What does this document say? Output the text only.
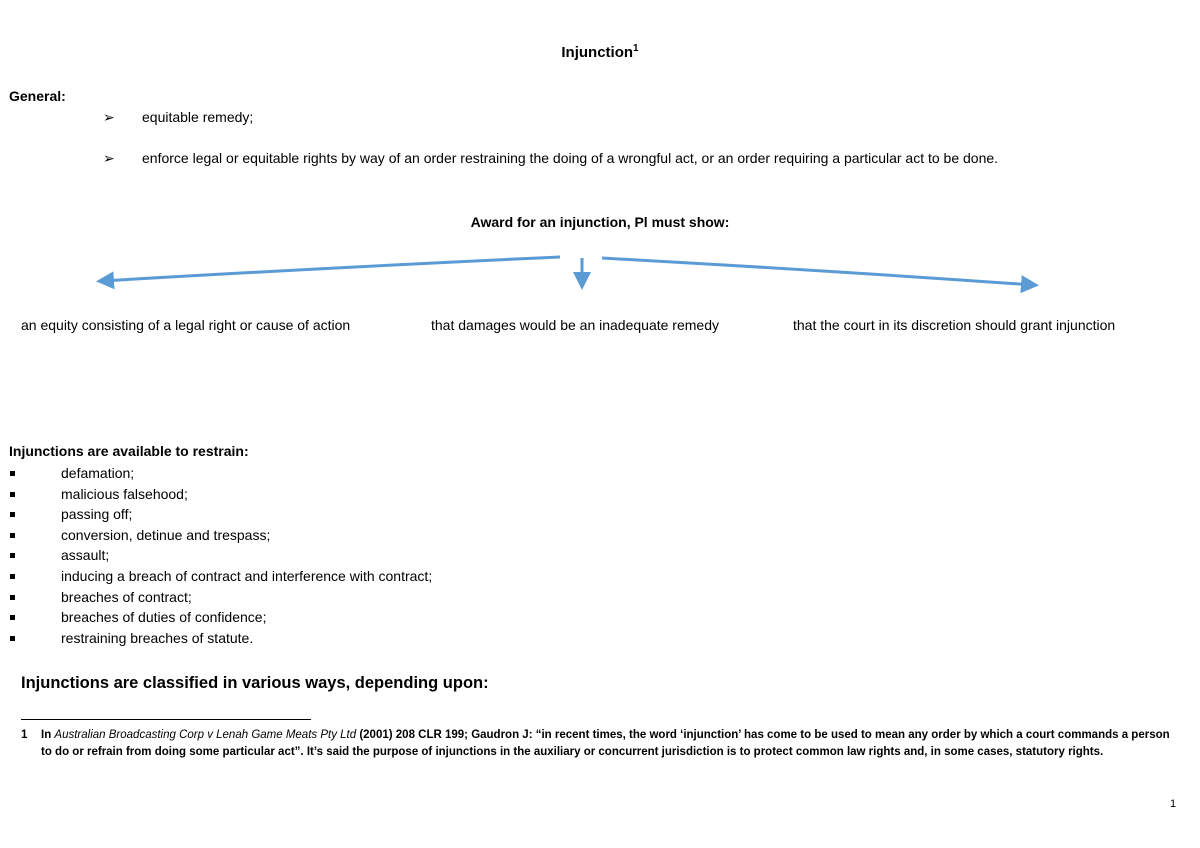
Injunction$^1$
General:
➢ equitable remedy;
➢ enforce legal or equitable rights by way of an order restraining the doing of a wrongful act, or an order requiring a particular act to be done.
Award for an injunction, Pl must show:
an equity consisting of a legal right or cause of action	that damages would be an inadequate remedy	that the court in its discretion should grant injunction
Injunctions are available to restrain:
defamation;
malicious falsehood;
passing off;
conversion, detinue and trespass;
assault;
inducing a breach of contract and interference with contract;
breaches of contract;
breaches of duties of confidence;
restraining breaches of statute.
Injunctions are classified in various ways, depending upon:
1 In Australian Broadcasting Corp v Lenah Game Meats Pty Ltd (2001) 208 CLR 199; Gaudron J: “in recent times, the word ‘injunction’ has come to be used to mean any order by which a court commands a person to do or refrain from doing some particular act”. It’s said the purpose of injunctions in the auxiliary or concurrent jurisdiction is to protect common law rights and, in some cases, statutory rights.
1
